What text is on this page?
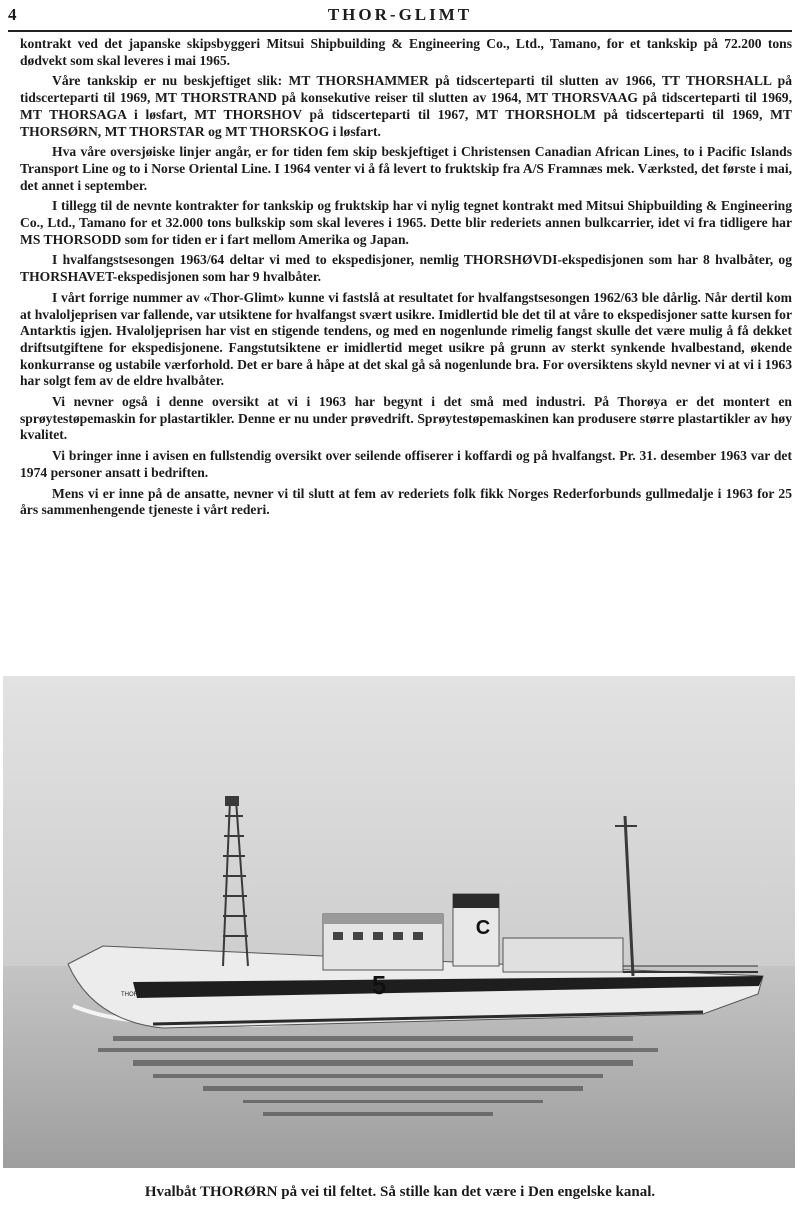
4	THOR-GLIMT

kontrakt ved det japanske skipsbyggeri Mitsui Shipbuilding & Engineering Co., Ltd., Tamano, for et tankskip på 72.200 tons dødvekt som skal leveres i mai 1965.

Våre tankskip er nu beskjeftiget slik: MT THORSHAMMER på tidscerteparti til slutten av 1966, TT THORSHALL på tidscerteparti til 1969, MT THORSTRAND på konsekutive reiser til slutten av 1964, MT THORSVAAG på tidscerteparti til 1969, MT THORSAGA i løsfart, MT THORSHOV på tidscerteparti til 1967, MT THORSHOLM på tidscerteparti til 1969, MT THORSØRN, MT THORSTAR og MT THORSKOG i løsfart.

Hva våre oversjøiske linjer angår, er for tiden fem skip beskjeftiget i Christensen Canadian African Lines, to i Pacific Islands Transport Line og to i Norse Oriental Line. I 1964 venter vi å få levert to fruktskip fra A/S Framnæs mek. Værksted, det første i mai, det annet i september.

I tillegg til de nevnte kontrakter for tankskip og fruktskip har vi nylig tegnet kontrakt med Mitsui Shipbuilding & Engineering Co., Ltd., Tamano for et 32.000 tons bulkskip som skal leveres i 1965. Dette blir rederiets annen bulkcarrier, idet vi fra tidligere har MS THORSODD som for tiden er i fart mellom Amerika og Japan.

I hvalfangstsesongen 1963/64 deltar vi med to ekspedisjoner, nemlig THORSHØVDI-ekspedisjonen som har 8 hvalbåter, og THORSHAVET-ekspedisjonen som har 9 hvalbåter.

I vårt forrige nummer av «Thor-Glimt» kunne vi fastslå at resultatet for hvalfangstsesongen 1962/63 ble dårlig. Når dertil kom at hvaloljeprisen var fallende, var utsiktene for hvalfangst svært usikre. Imidlertid ble det til at våre to ekspedisjoner satte kursen for Antarktis igjen. Hvaloljeprisen har vist en stigende tendens, og med en nogenlunde rimelig fangst skulle det være mulig å få dekket driftsutgiftene for ekspedisjonene. Fangstutsiktene er imidlertid meget usikre på grunn av sterkt synkende hvalbestand, økende konkurranse og ustabile værforhold. Det er bare å håpe at det skal gå så nogenlunde bra. For oversiktens skyld nevner vi at vi i 1963 har solgt fem av de eldre hvalbåter.

Vi nevner også i denne oversikt at vi i 1963 har begynt i det små med industri. På Thorøya er det montert en sprøytestøpemaskin for plastartikler. Denne er nu under prøvedrift. Sprøytestøpemaskinen kan produsere større plastartikler av høy kvalitet.

Vi bringer inne i avisen en fullstendig oversikt over seilende offiserer i koffardi og på hvalfangst. Pr. 31. desember 1963 var det 1974 personer ansatt i bedriften.

Mens vi er inne på de ansatte, nevner vi til slutt at fem av rederiets folk fikk Norges Rederforbunds gullmedalje i 1963 for 25 års sammenhengende tjeneste i vårt rederi.

C
5
THORØRN
Hvalbåt THORØRN på vei til feltet. Så stille kan det være i Den engelske kanal.
